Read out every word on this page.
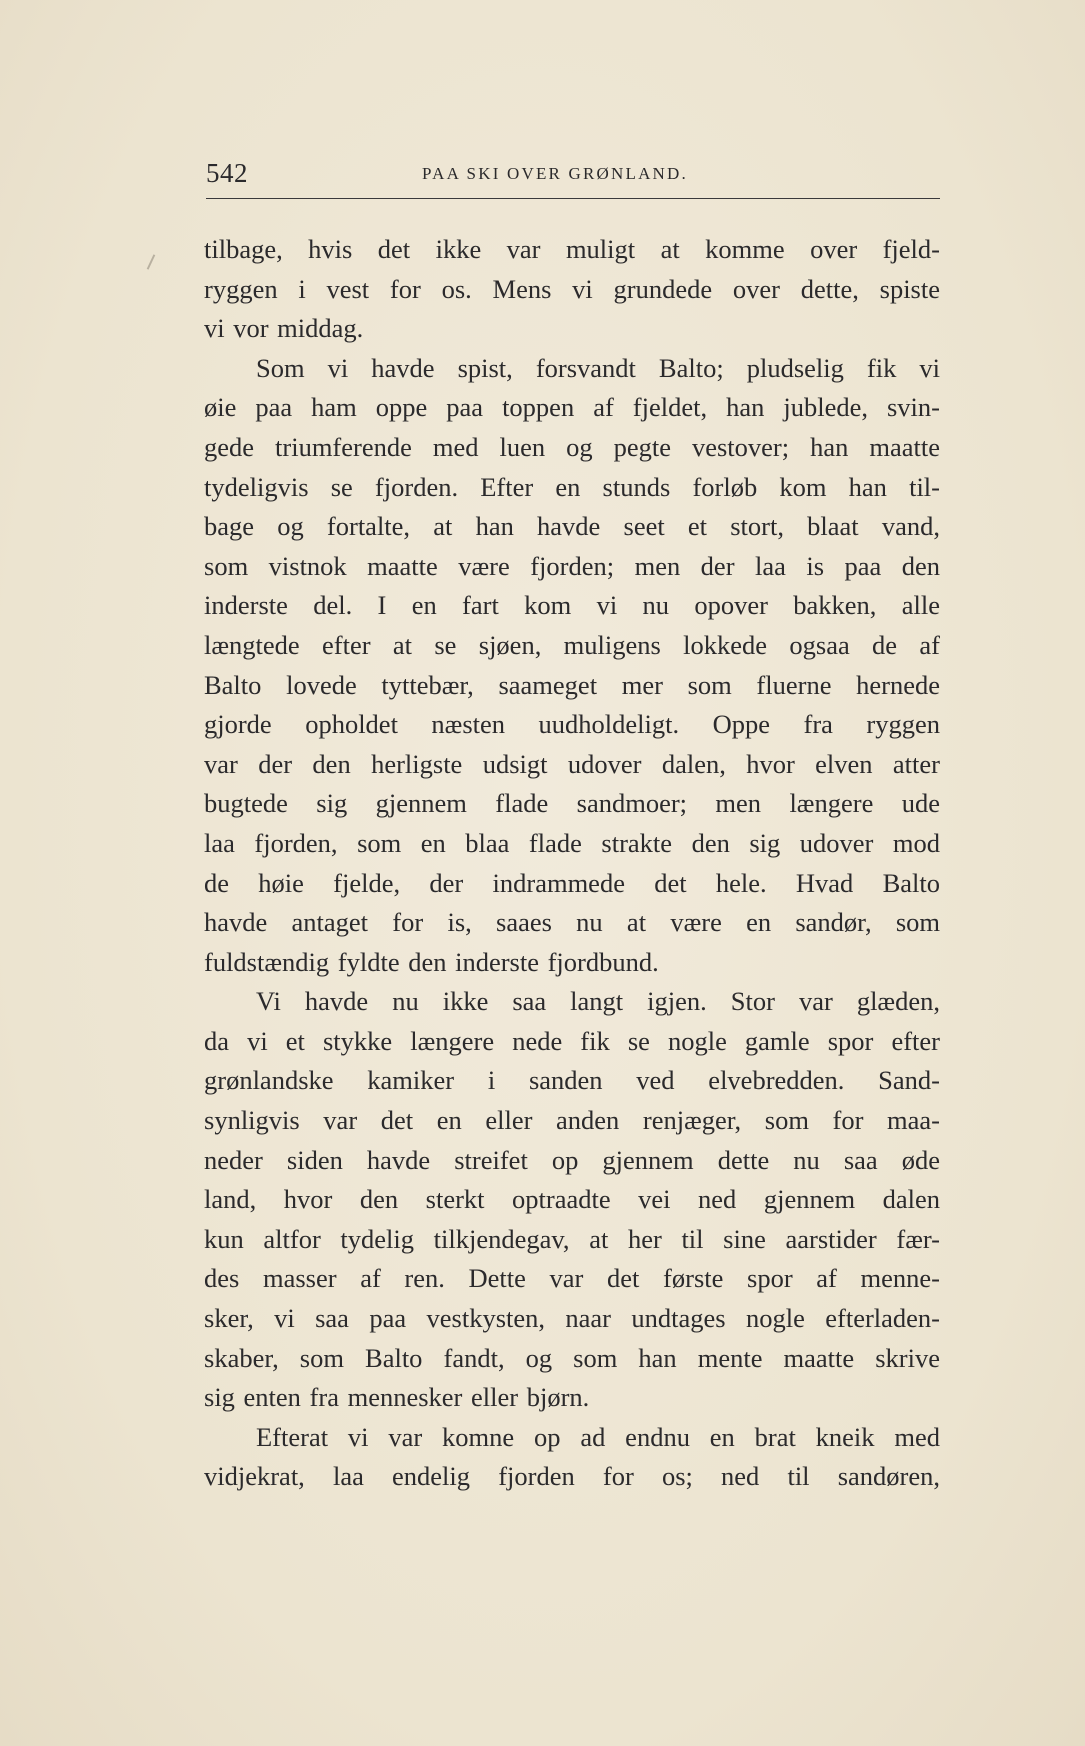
542	PAA SKI OVER GRØNLAND.
tilbage, hvis det ikke var muligt at komme over fjeld-
ryggen i vest for os. Mens vi grundede over dette, spiste
vi vor middag.
Som vi havde spist, forsvandt Balto; pludselig fik vi
øie paa ham oppe paa toppen af fjeldet, han jublede, svin-
gede triumferende med luen og pegte vestover; han maatte
tydeligvis se fjorden. Efter en stunds forløb kom han til-
bage og fortalte, at han havde seet et stort, blaat vand,
som vistnok maatte være fjorden; men der laa is paa den
inderste del. I en fart kom vi nu opover bakken, alle
længtede efter at se sjøen, muligens lokkede ogsaa de af
Balto lovede tyttebær, saameget mer som fluerne hernede
gjorde opholdet næsten uudholdeligt. Oppe fra ryggen
var der den herligste udsigt udover dalen, hvor elven atter
bugtede sig gjennem flade sandmoer; men længere ude
laa fjorden, som en blaa flade strakte den sig udover mod
de høie fjelde, der indrammede det hele. Hvad Balto
havde antaget for is, saaes nu at være en sandør, som
fuldstændig fyldte den inderste fjordbund.
Vi havde nu ikke saa langt igjen. Stor var glæden,
da vi et stykke længere nede fik se nogle gamle spor efter
grønlandske kamiker i sanden ved elvebredden. Sand-
synligvis var det en eller anden renjæger, som for maa-
neder siden havde streifet op gjennem dette nu saa øde
land, hvor den sterkt optraadte vei ned gjennem dalen
kun altfor tydelig tilkjendegav, at her til sine aarstider fær-
des masser af ren. Dette var det første spor af menne-
sker, vi saa paa vestkysten, naar undtages nogle efterladen-
skaber, som Balto fandt, og som han mente maatte skrive
sig enten fra mennesker eller bjørn.
Efterat vi var komne op ad endnu en brat kneik med
vidjekrat, laa endelig fjorden for os; ned til sandøren,
